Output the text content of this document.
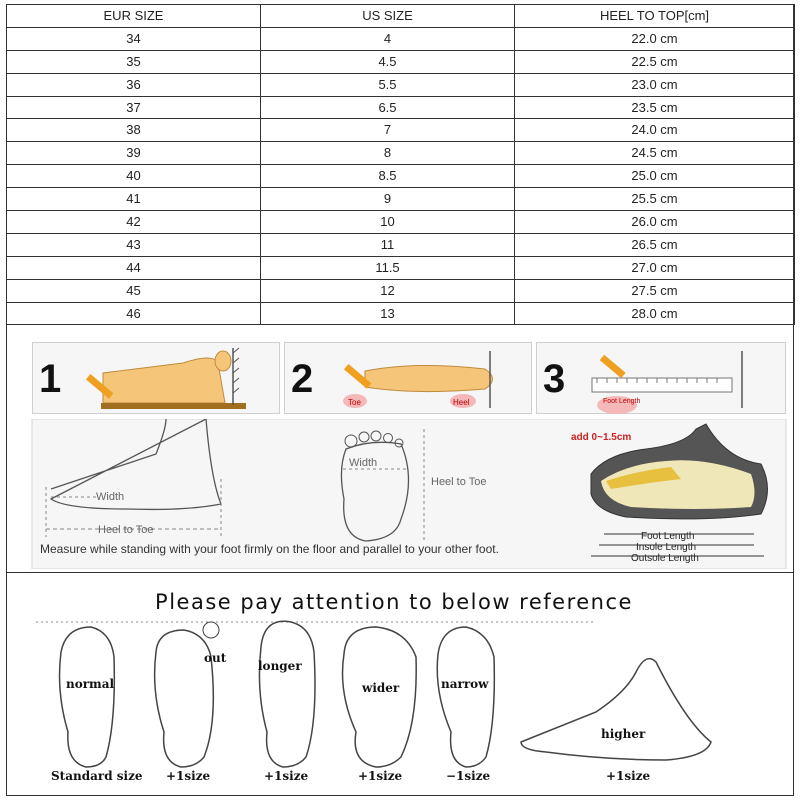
EUR SIZE	US SIZE	HEEL TO TOP[cm]
34	4	22.0 cm
35	4.5	22.5 cm
36	5.5	23.0 cm
37	6.5	23.5 cm
38	7	24.0 cm
39	8	24.5 cm
40	8.5	25.0 cm
41	9	25.5 cm
42	10	26.0 cm
43	11	26.5 cm
44	11.5	27.0 cm
45	12	27.5 cm
46	13	28.0 cm
1	2
Toe	Heel
3
Foot Length
Width
Heel to Toe
Width
Heel to Toe
add 0~1.5cm
Foot Length
Insole Length
Outsole Length
Measure while standing with your foot firmly on the floor and parallel to your other foot.
Please pay attention to below reference
normal
Standard size
out
+1size
longer
+1size
wider
+1size
narrow
−1size
higher
+1size
